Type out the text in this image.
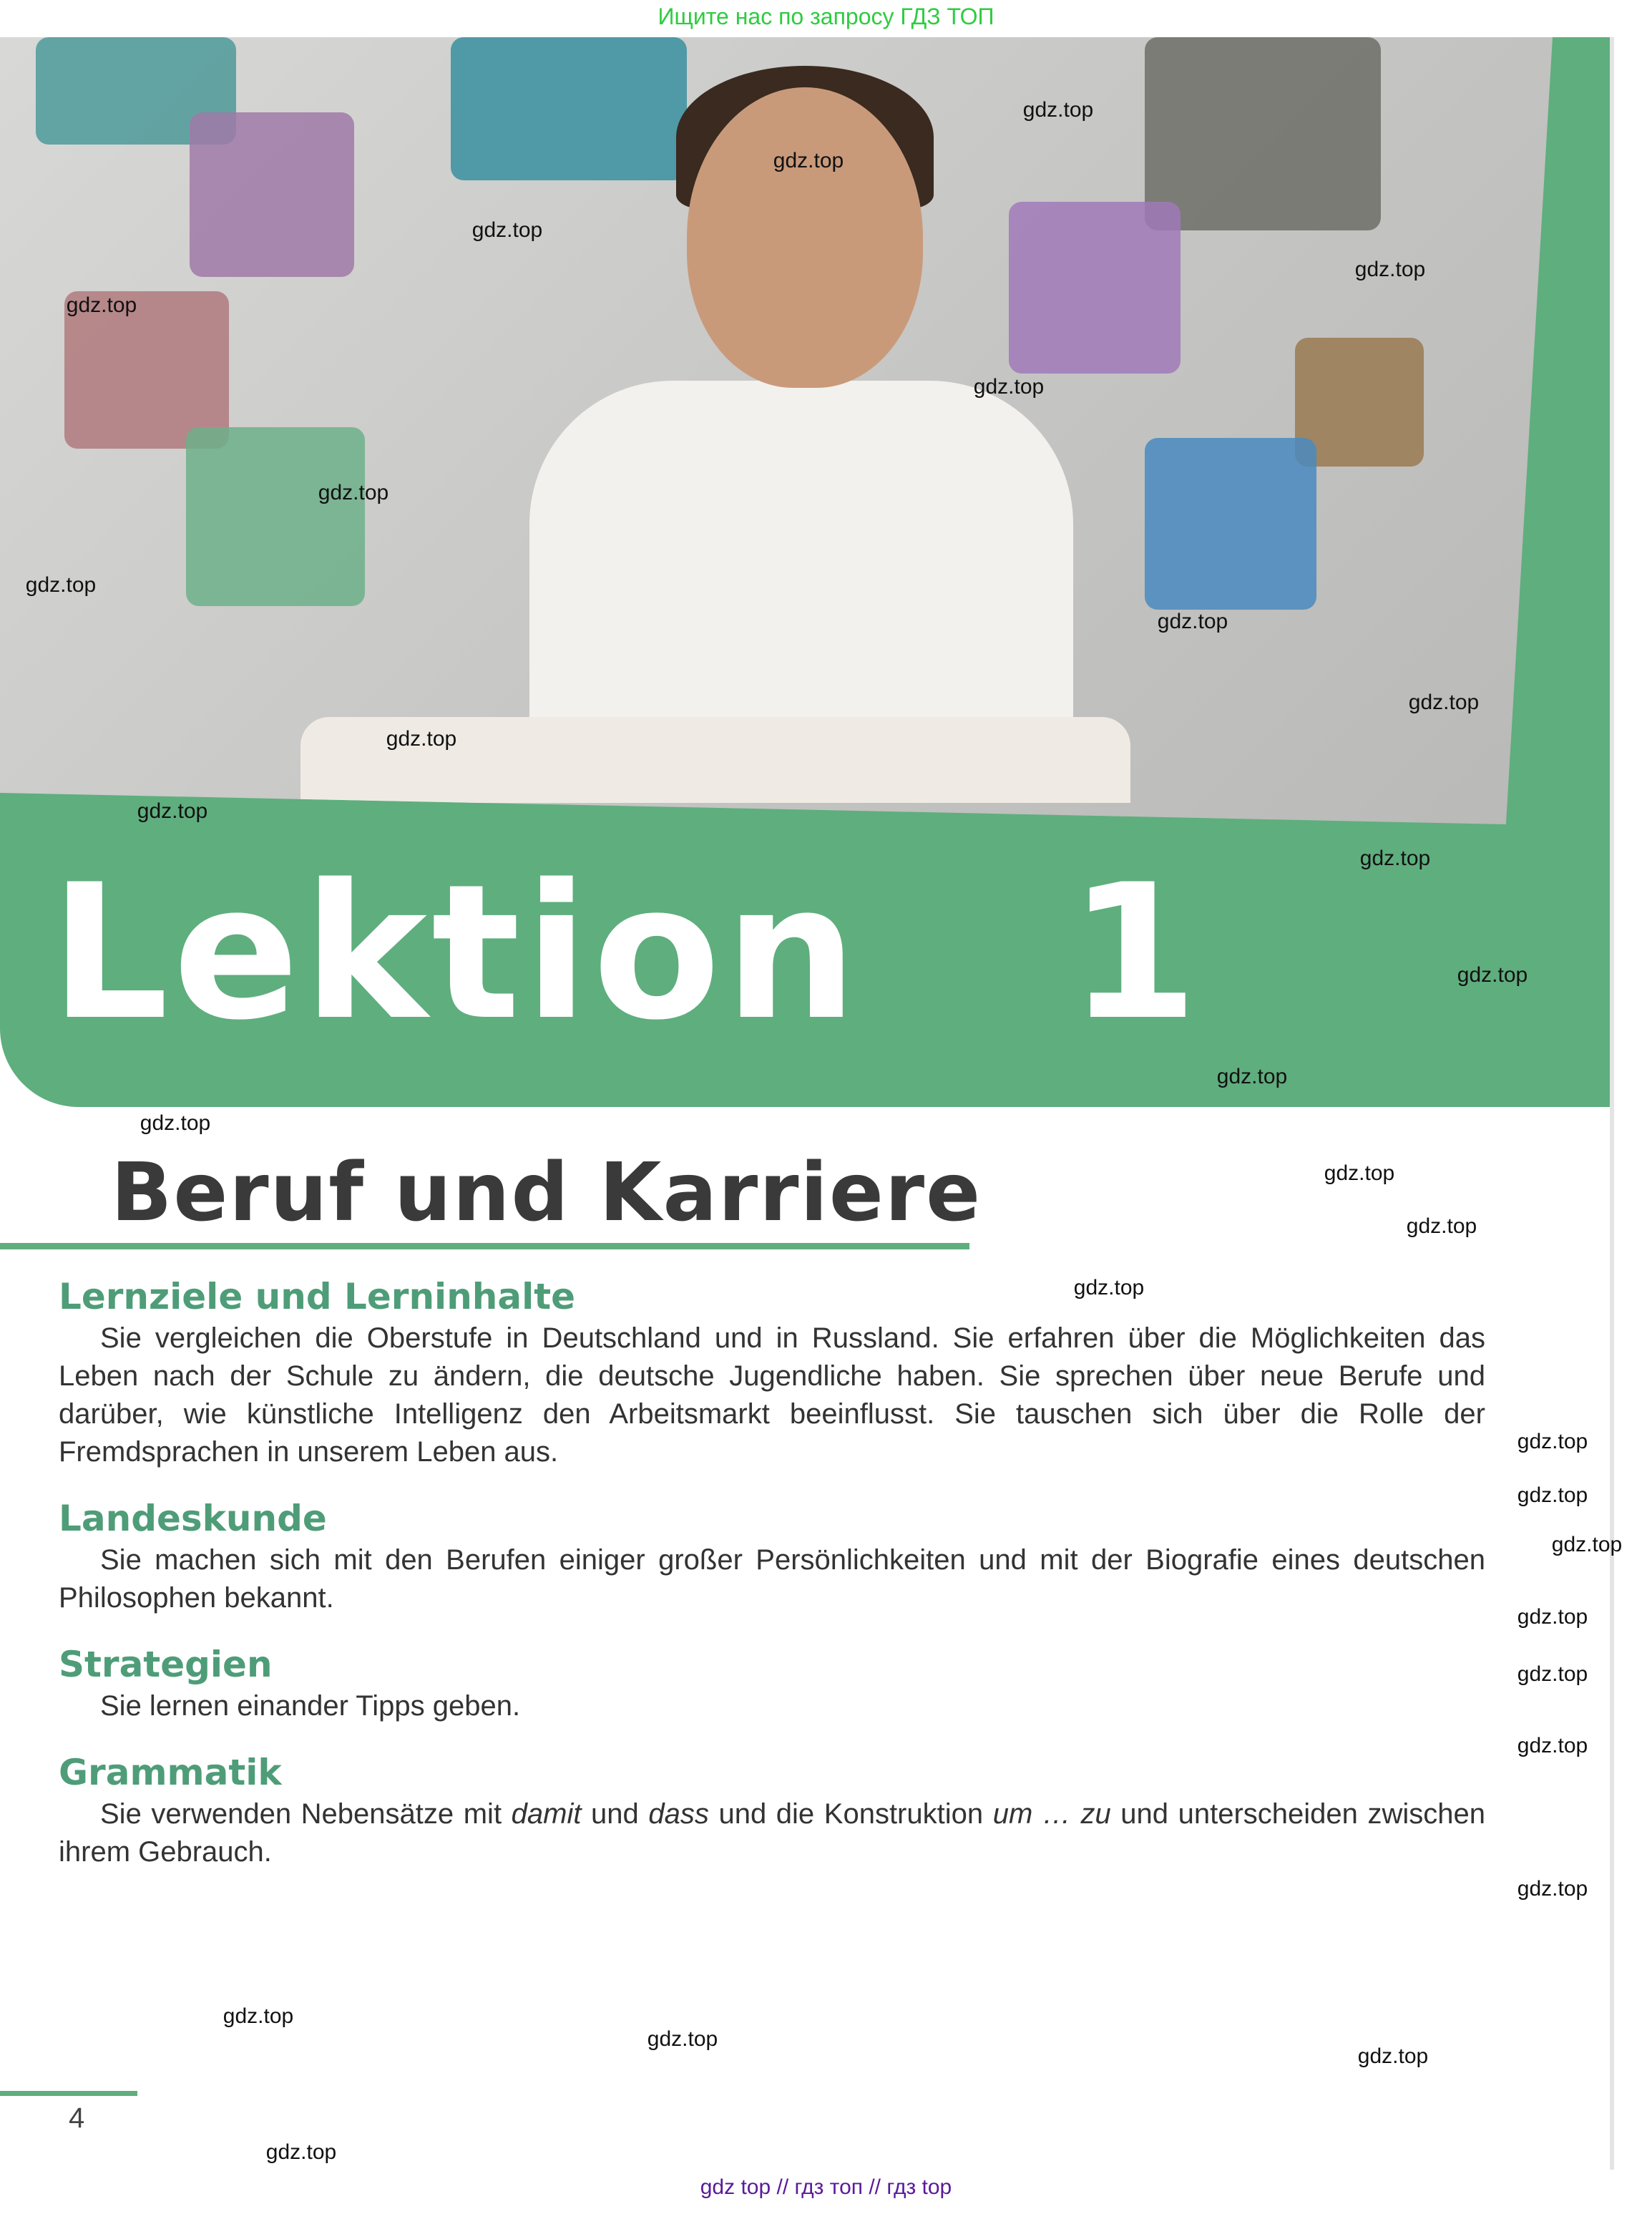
Ищите нас по запросу ГДЗ ТОП
Lektion 1
Beruf und Karriere
Lernziele und Lerninhalte
Sie vergleichen die Oberstufe in Deutschland und in Russland. Sie erfahren über die Möglichkeiten das Leben nach der Schule zu ändern, die deutsche Jugendliche haben. Sie sprechen über neue Berufe und darüber, wie künstliche Intelligenz den Arbeitsmarkt beeinflusst. Sie tauschen sich über die Rolle der Fremdsprachen in unserem Leben aus.
Landeskunde
Sie machen sich mit den Berufen einiger großer Persönlichkeiten und mit der Biografie eines deutschen Philosophen bekannt.
Strategien
Sie lernen einander Tipps geben.
Grammatik
Sie verwenden Nebensätze mit damit und dass und die Konstruktion um … zu und unterscheiden zwischen ihrem Gebrauch.
4
gdz top // гдз топ // гдз top
gdz.top
gdz.top
gdz.top
gdz.top
gdz.top
gdz.top
gdz.top
gdz.top
gdz.top
gdz.top
gdz.top
gdz.top
gdz.top
gdz.top
gdz.top
gdz.top
gdz.top
gdz.top
gdz.top
gdz.top
gdz.top
gdz.top
gdz.top
gdz.top
gdz.top
gdz.top
gdz.top
gdz.top
gdz.top
gdz.top
